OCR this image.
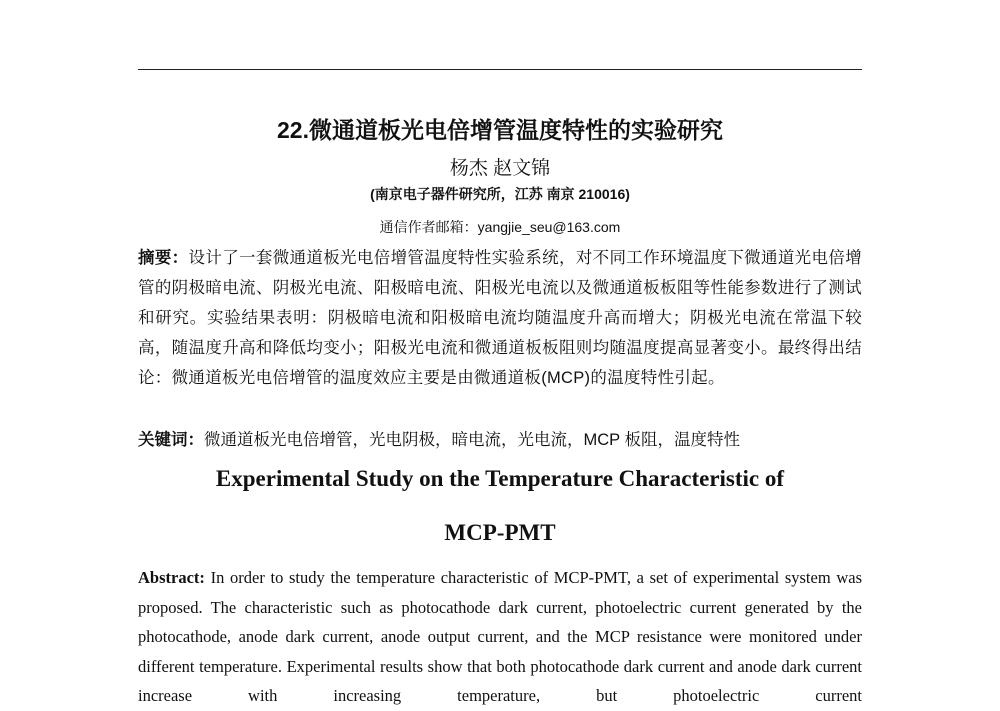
22.微通道板光电倍增管温度特性的实验研究
杨杰 赵文锦
(南京电子器件研究所，江苏 南京 210016)
通信作者邮箱：yangjie_seu@163.com
摘要：设计了一套微通道板光电倍增管温度特性实验系统，对不同工作环境温度下微通道光电倍增管的阴极暗电流、阴极光电流、阳极暗电流、阳极光电流以及微通道板板阻等性能参数进行了测试和研究。实验结果表明：阴极暗电流和阳极暗电流均随温度升高而增大；阴极光电流在常温下较高，随温度升高和降低均变小；阳极光电流和微通道板板阻则均随温度提高显著变小。最终得出结论：微通道板光电倍增管的温度效应主要是由微通道板(MCP)的温度特性引起。
关键词：微通道板光电倍增管，光电阴极，暗电流，光电流，MCP 板阻，温度特性
Experimental Study on the Temperature Characteristic of
MCP-PMT
Abstract: In order to study the temperature characteristic of MCP-PMT, a set of experimental system was proposed. The characteristic such as photocathode dark current, photoelectric current generated by the photocathode, anode dark current, anode output current, and the MCP resistance were monitored under different temperature. Experimental results show that both photocathode dark current and anode dark current increase with increasing temperature, but photoelectric current
